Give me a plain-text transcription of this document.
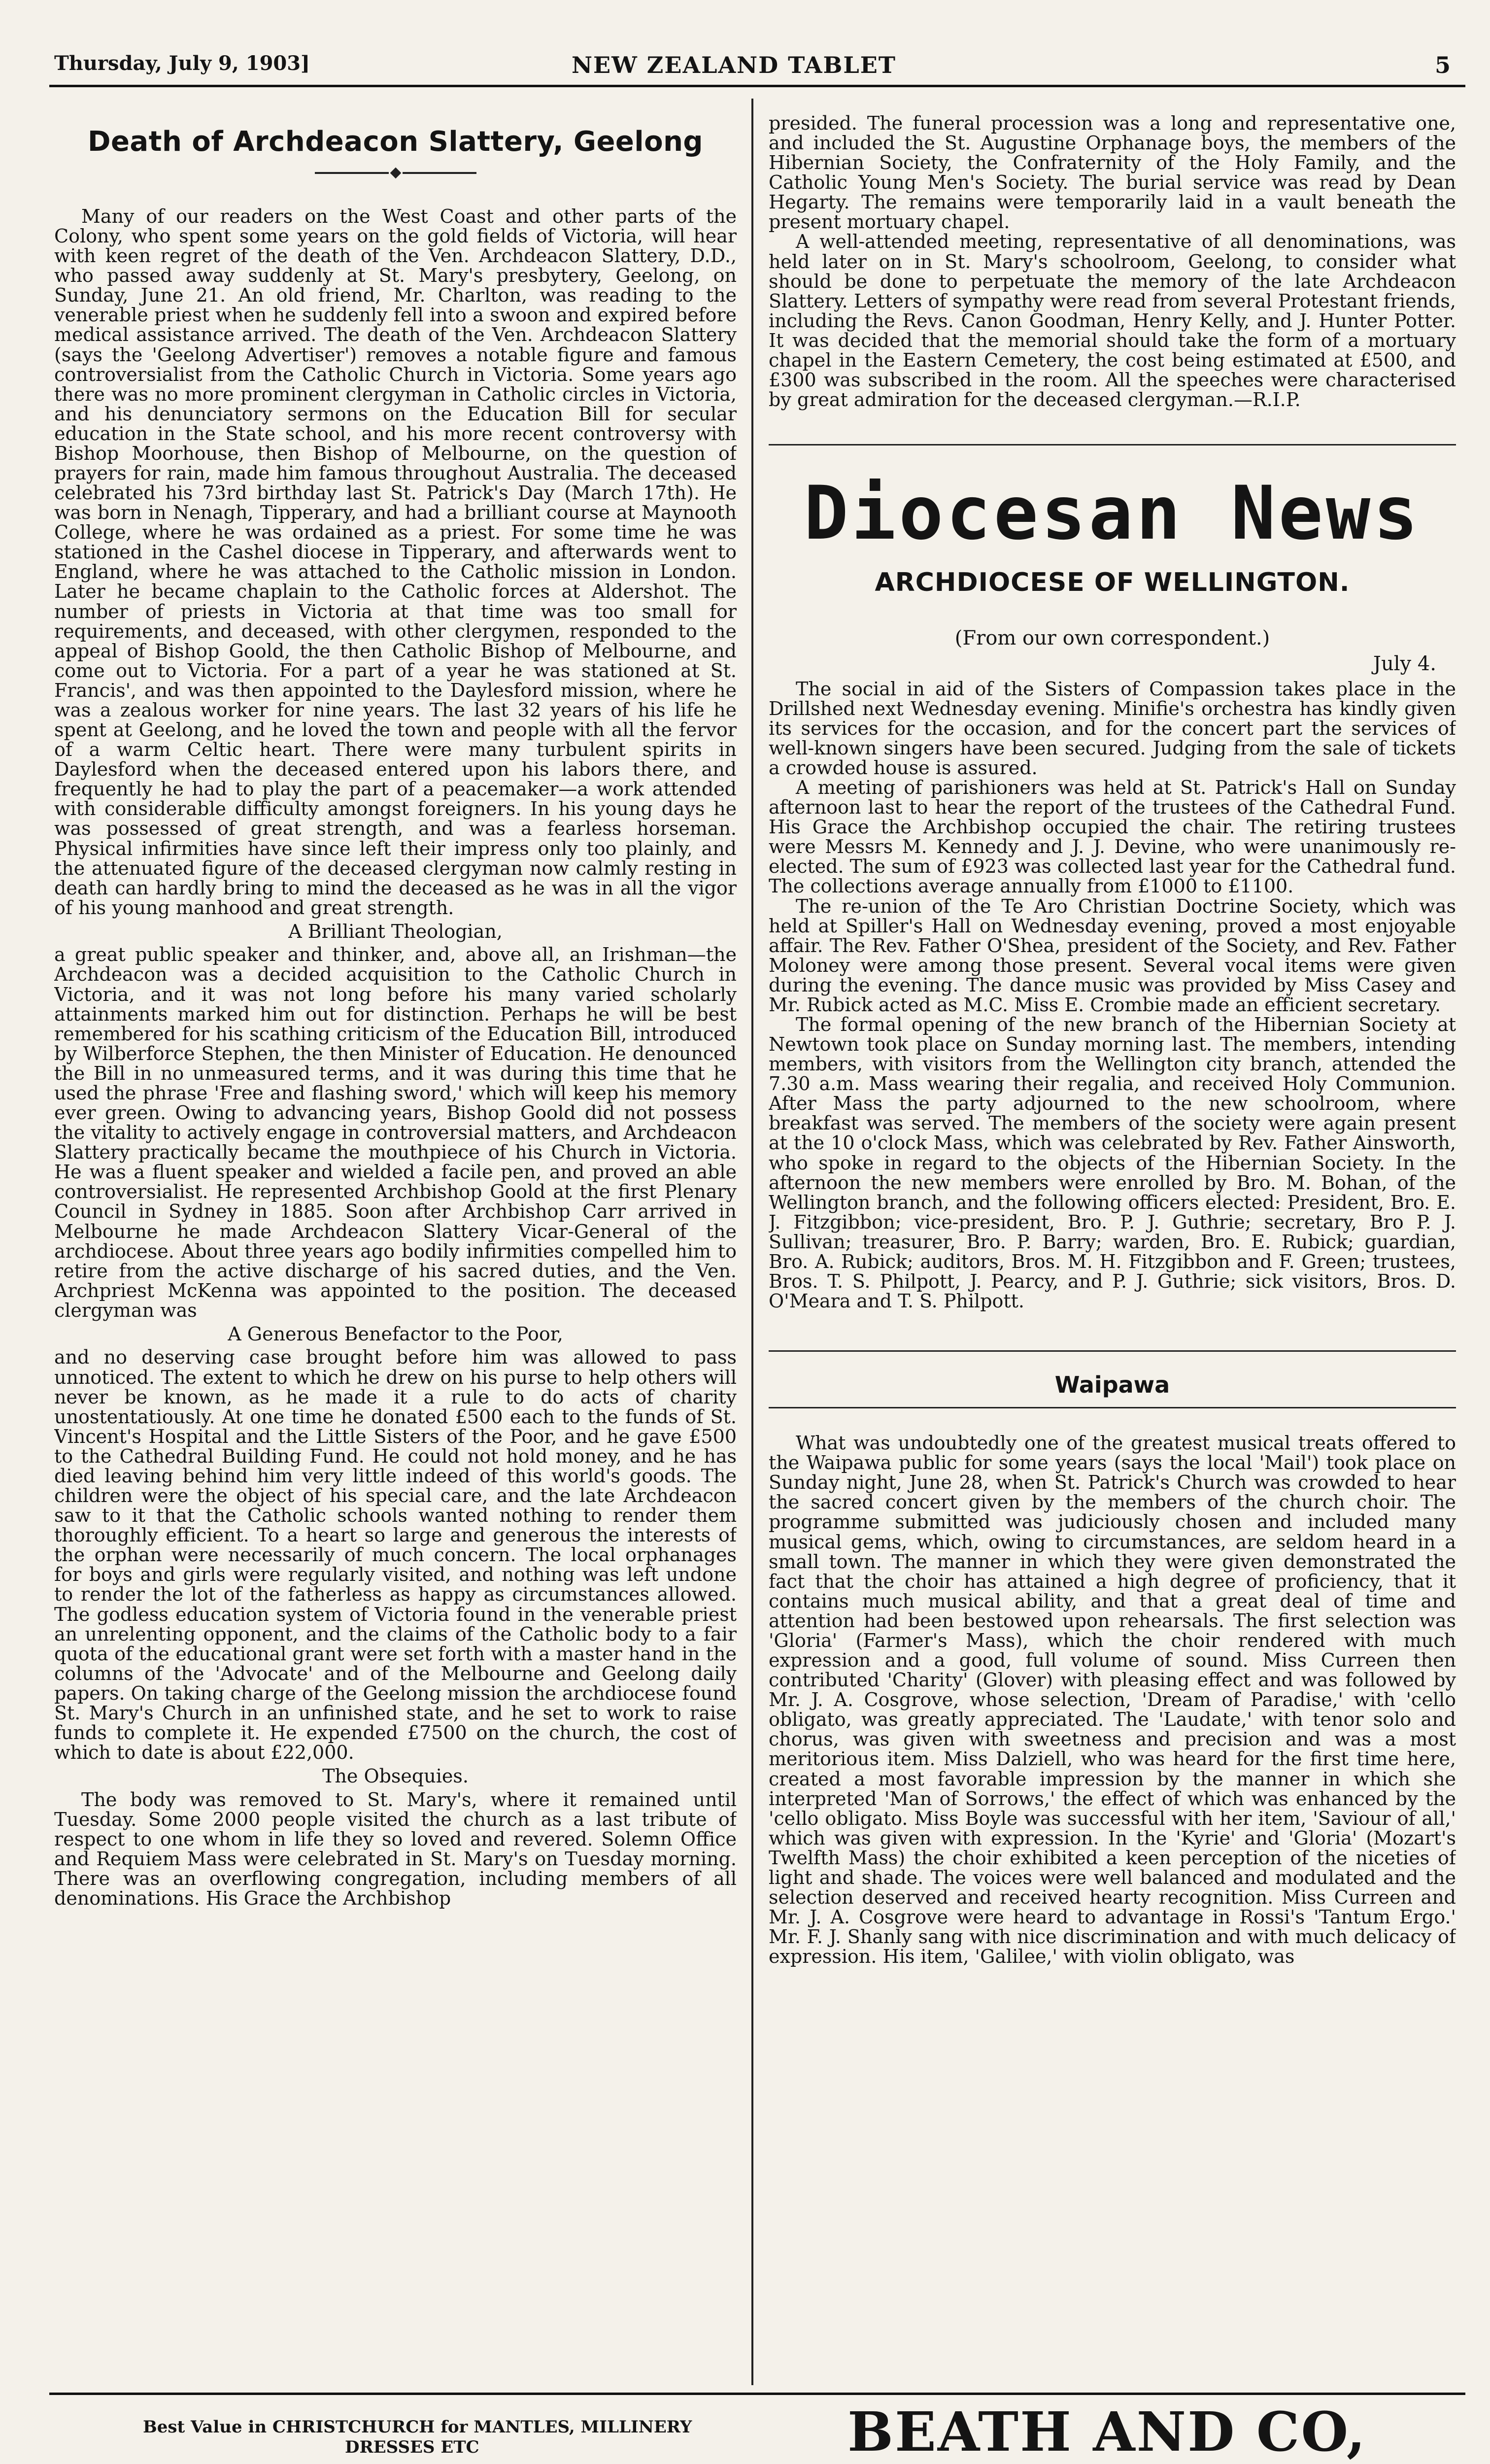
Thursday, July 9, 1903]	NEW ZEALAND TABLET	5
Death of Archdeacon Slattery, Geelong

Many of our readers on the West Coast and other parts of the Colony, who spent some years on the gold fields of Victoria, will hear with keen regret of the death of the Ven. Archdeacon Slattery, D.D., who passed away suddenly at St. Mary's presbytery, Geelong, on Sunday, June 21. An old friend, Mr. Charlton, was reading to the venerable priest when he suddenly fell into a swoon and expired before medical assistance arrived. The death of the Ven. Archdeacon Slattery (says the 'Geelong Advertiser') removes a notable figure and famous controversialist from the Catholic Church in Victoria. Some years ago there was no more prominent clergyman in Catholic circles in Victoria, and his denunciatory sermons on the Education Bill for secular education in the State school, and his more recent controversy with Bishop Moorhouse, then Bishop of Melbourne, on the question of prayers for rain, made him famous throughout Australia. The deceased celebrated his 73rd birthday last St. Patrick's Day (March 17th). He was born in Nenagh, Tipperary, and had a brilliant course at Maynooth College, where he was ordained as a priest. For some time he was stationed in the Cashel diocese in Tipperary, and afterwards went to England, where he was attached to the Catholic mission in London. Later he became chaplain to the Catholic forces at Aldershot. The number of priests in Victoria at that time was too small for requirements, and deceased, with other clergymen, responded to the appeal of Bishop Goold, the then Catholic Bishop of Melbourne, and come out to Victoria. For a part of a year he was stationed at St. Francis', and was then appointed to the Daylesford mission, where he was a zealous worker for nine years. The last 32 years of his life he spent at Geelong, and he loved the town and people with all the fervor of a warm Celtic heart. There were many turbulent spirits in Daylesford when the deceased entered upon his labors there, and frequently he had to play the part of a peacemaker—a work attended with considerable difficulty amongst foreigners. In his young days he was possessed of great strength, and was a fearless horseman. Physical infirmities have since left their impress only too plainly, and the attenuated figure of the deceased clergyman now calmly resting in death can hardly bring to mind the deceased as he was in all the vigor of his young manhood and great strength.

A Brilliant Theologian,

a great public speaker and thinker, and, above all, an Irishman—the Archdeacon was a decided acquisition to the Catholic Church in Victoria, and it was not long before his many varied scholarly attainments marked him out for distinction. Perhaps he will be best remembered for his scathing criticism of the Education Bill, introduced by Wilberforce Stephen, the then Minister of Education. He denounced the Bill in no unmeasured terms, and it was during this time that he used the phrase 'Free and flashing sword,' which will keep his memory ever green. Owing to advancing years, Bishop Goold did not possess the vitality to actively engage in controversial matters, and Archdeacon Slattery practically became the mouthpiece of his Church in Victoria. He was a fluent speaker and wielded a facile pen, and proved an able controversialist. He represented Archbishop Goold at the first Plenary Council in Sydney in 1885. Soon after Archbishop Carr arrived in Melbourne he made Archdeacon Slattery Vicar-General of the archdiocese. About three years ago bodily infirmities compelled him to retire from the active discharge of his sacred duties, and the Ven. Archpriest McKenna was appointed to the position. The deceased clergyman was

A Generous Benefactor to the Poor,

and no deserving case brought before him was allowed to pass unnoticed. The extent to which he drew on his purse to help others will never be known, as he made it a rule to do acts of charity unostentatiously. At one time he donated £500 each to the funds of St. Vincent's Hospital and the Little Sisters of the Poor, and he gave £500 to the Cathedral Building Fund. He could not hold money, and he has died leaving behind him very little indeed of this world's goods. The children were the object of his special care, and the late Archdeacon saw to it that the Catholic schools wanted nothing to render them thoroughly efficient. To a heart so large and generous the interests of the orphan were necessarily of much concern. The local orphanages for boys and girls were regularly visited, and nothing was left undone to render the lot of the fatherless as happy as circumstances allowed. The godless education system of Victoria found in the venerable priest an unrelenting opponent, and the claims of the Catholic body to a fair quota of the educational grant were set forth with a master hand in the columns of the 'Advocate' and of the Melbourne and Geelong daily papers. On taking charge of the Geelong mission the archdiocese found St. Mary's Church in an unfinished state, and he set to work to raise funds to complete it. He expended £7500 on the church, the cost of which to date is about £22,000.

The Obsequies.

The body was removed to St. Mary's, where it remained until Tuesday. Some 2000 people visited the church as a last tribute of respect to one whom in life they so loved and revered. Solemn Office and Requiem Mass were celebrated in St. Mary's on Tuesday morning. There was an overflowing congregation, including members of all denominations. His Grace the Archbishop

presided. The funeral procession was a long and representative one, and included the St. Augustine Orphanage boys, the members of the Hibernian Society, the Confraternity of the Holy Family, and the Catholic Young Men's Society. The burial service was read by Dean Hegarty. The remains were temporarily laid in a vault beneath the present mortuary chapel.

A well-attended meeting, representative of all denominations, was held later on in St. Mary's schoolroom, Geelong, to consider what should be done to perpetuate the memory of the late Archdeacon Slattery. Letters of sympathy were read from several Protestant friends, including the Revs. Canon Goodman, Henry Kelly, and J. Hunter Potter. It was decided that the memorial should take the form of a mortuary chapel in the Eastern Cemetery, the cost being estimated at £500, and £300 was subscribed in the room. All the speeches were characterised by great admiration for the deceased clergyman.—R.I.P.

Diocesan News
ARCHDIOCESE OF WELLINGTON.
(From our own correspondent.)
July 4.

The social in aid of the Sisters of Compassion takes place in the Drillshed next Wednesday evening. Minifie's orchestra has kindly given its services for the occasion, and for the concert part the services of well-known singers have been secured. Judging from the sale of tickets a crowded house is assured.

A meeting of parishioners was held at St. Patrick's Hall on Sunday afternoon last to hear the report of the trustees of the Cathedral Fund. His Grace the Archbishop occupied the chair. The retiring trustees were Messrs M. Kennedy and J. J. Devine, who were unanimously re-elected. The sum of £923 was collected last year for the Cathedral fund. The collections average annually from £1000 to £1100.

The re-union of the Te Aro Christian Doctrine Society, which was held at Spiller's Hall on Wednesday evening, proved a most enjoyable affair. The Rev. Father O'Shea, president of the Society, and Rev. Father Moloney were among those present. Several vocal items were given during the evening. The dance music was provided by Miss Casey and Mr. Rubick acted as M.C. Miss E. Crombie made an efficient secretary.

The formal opening of the new branch of the Hibernian Society at Newtown took place on Sunday morning last. The members, intending members, with visitors from the Wellington city branch, attended the 7.30 a.m. Mass wearing their regalia, and received Holy Communion. After Mass the party adjourned to the new schoolroom, where breakfast was served. The members of the society were again present at the 10 o'clock Mass, which was celebrated by Rev. Father Ainsworth, who spoke in regard to the objects of the Hibernian Society. In the afternoon the new members were enrolled by Bro. M. Bohan, of the Wellington branch, and the following officers elected: President, Bro. E. J. Fitzgibbon; vice-president, Bro. P. J. Guthrie; secretary, Bro P. J. Sullivan; treasurer, Bro. P. Barry; warden, Bro. E. Rubick; guardian, Bro. A. Rubick; auditors, Bros. M. H. Fitzgibbon and F. Green; trustees, Bros. T. S. Philpott, J. Pearcy, and P. J. Guthrie; sick visitors, Bros. D. O'Meara and T. S. Philpott.

Waipawa

What was undoubtedly one of the greatest musical treats offered to the Waipawa public for some years (says the local 'Mail') took place on Sunday night, June 28, when St. Patrick's Church was crowded to hear the sacred concert given by the members of the church choir. The programme submitted was judiciously chosen and included many musical gems, which, owing to circumstances, are seldom heard in a small town. The manner in which they were given demonstrated the fact that the choir has attained a high degree of proficiency, that it contains much musical ability, and that a great deal of time and attention had been bestowed upon rehearsals. The first selection was 'Gloria' (Farmer's Mass), which the choir rendered with much expression and a good, full volume of sound. Miss Curreen then contributed 'Charity' (Glover) with pleasing effect and was followed by Mr. J. A. Cosgrove, whose selection, 'Dream of Paradise,' with 'cello obligato, was greatly appreciated. The 'Laudate,' with tenor solo and chorus, was given with sweetness and precision and was a most meritorious item. Miss Dalziell, who was heard for the first time here, created a most favorable impression by the manner in which she interpreted 'Man of Sorrows,' the effect of which was enhanced by the 'cello obligato. Miss Boyle was successful with her item, 'Saviour of all,' which was given with expression. In the 'Kyrie' and 'Gloria' (Mozart's Twelfth Mass) the choir exhibited a keen perception of the niceties of light and shade. The voices were well balanced and modulated and the selection deserved and received hearty recognition. Miss Curreen and Mr. J. A. Cosgrove were heard to advantage in Rossi's 'Tantum Ergo.' Mr. F. J. Shanly sang with nice discrimination and with much delicacy of expression. His item, 'Galilee,' with violin obligato, was

Best Value in CHRISTCHURCH for MANTLES, MILLINERY
DRESSES ETC	BEATH AND CO,
